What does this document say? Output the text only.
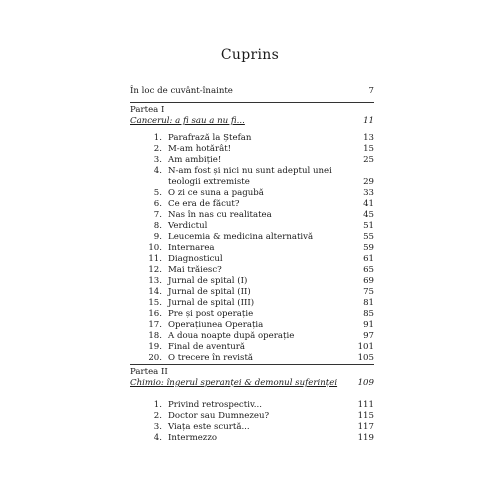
Cuprins
În loc de cuvânt-înainte	7
Partea I
Cancerul: a fi sau a nu fi...	11
1. Parafrază la Ștefan	13
2. M-am hotărât!	15
3. Am ambiție!	25
4. N-am fost și nici nu sunt adeptul unei teologii extremiste	29
5. O zi ce suna a pagubă	33
6. Ce era de făcut?	41
7. Nas în nas cu realitatea	45
8. Verdictul	51
9. Leucemia & medicina alternativă	55
10. Internarea	59
11. Diagnosticul	61
12. Mai trăiesc?	65
13. Jurnal de spital (I)	69
14. Jurnal de spital (II)	75
15. Jurnal de spital (III)	81
16. Pre și post operație	85
17. Operațiunea Operația	91
18. A doua noapte după operație	97
19. Final de aventură	101
20. O trecere în revistă	105
Partea II
Chimio: îngerul speranței & demonul suferinței 109
1. Privind retrospectiv...	111
2. Doctor sau Dumnezeu?	115
3. Viața este scurtă...	117
4. Intermezzo	119
